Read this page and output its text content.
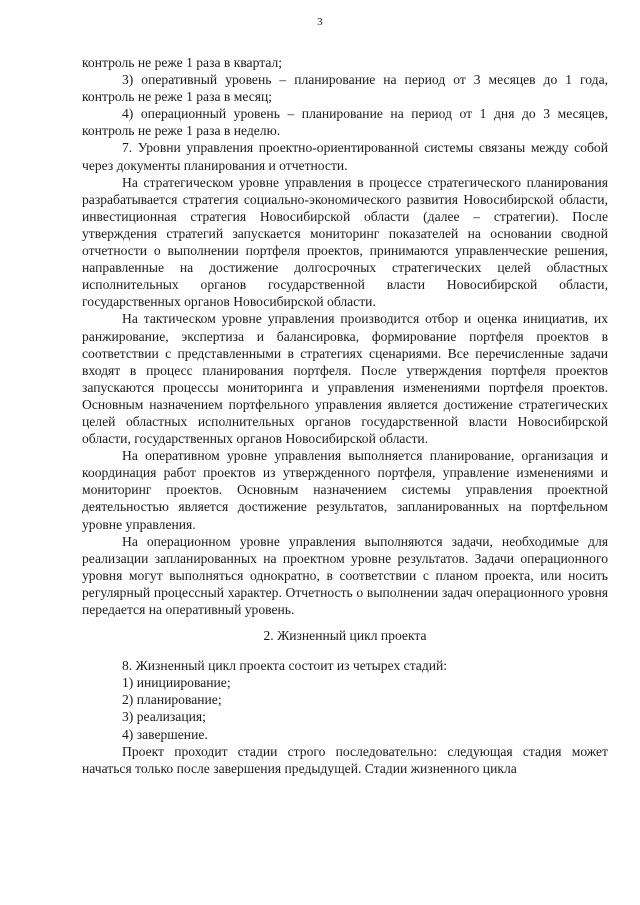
3

контроль не реже 1 раза в квартал;

3) оперативный уровень – планирование на период от 3 месяцев до 1 года, контроль не реже 1 раза в месяц;

4) операционный уровень – планирование на период от 1 дня до 3 месяцев, контроль не реже 1 раза в неделю.

7. Уровни управления проектно-ориентированной системы связаны между собой через документы планирования и отчетности.

На стратегическом уровне управления в процессе стратегического планирования разрабатывается стратегия социально-экономического развития Новосибирской области, инвестиционная стратегия Новосибирской области (далее – стратегии). После утверждения стратегий запускается мониторинг показателей на основании сводной отчетности о выполнении портфеля проектов, принимаются управленческие решения, направленные на достижение долгосрочных стратегических целей областных исполнительных органов государственной власти Новосибирской области, государственных органов Новосибирской области.

На тактическом уровне управления производится отбор и оценка инициатив, их ранжирование, экспертиза и балансировка, формирование портфеля проектов в соответствии с представленными в стратегиях сценариями. Все перечисленные задачи входят в процесс планирования портфеля. После утверждения портфеля проектов запускаются процессы мониторинга и управления изменениями портфеля проектов. Основным назначением портфельного управления является достижение стратегических целей областных исполнительных органов государственной власти Новосибирской области, государственных органов Новосибирской области.

На оперативном уровне управления выполняется планирование, организация и координация работ проектов из утвержденного портфеля, управление изменениями и мониторинг проектов. Основным назначением системы управления проектной деятельностью является достижение результатов, запланированных на портфельном уровне управления.

На операционном уровне управления выполняются задачи, необходимые для реализации запланированных на проектном уровне результатов. Задачи операционного уровня могут выполняться однократно, в соответствии с планом проекта, или носить регулярный процессный характер. Отчетность о выполнении задач операционного уровня передается на оперативный уровень.

2. Жизненный цикл проекта

8. Жизненный цикл проекта состоит из четырех стадий:

1) инициирование;

2) планирование;

3) реализация;

4) завершение.

Проект проходит стадии строго последовательно: следующая стадия может начаться только после завершения предыдущей. Стадии жизненного цикла
